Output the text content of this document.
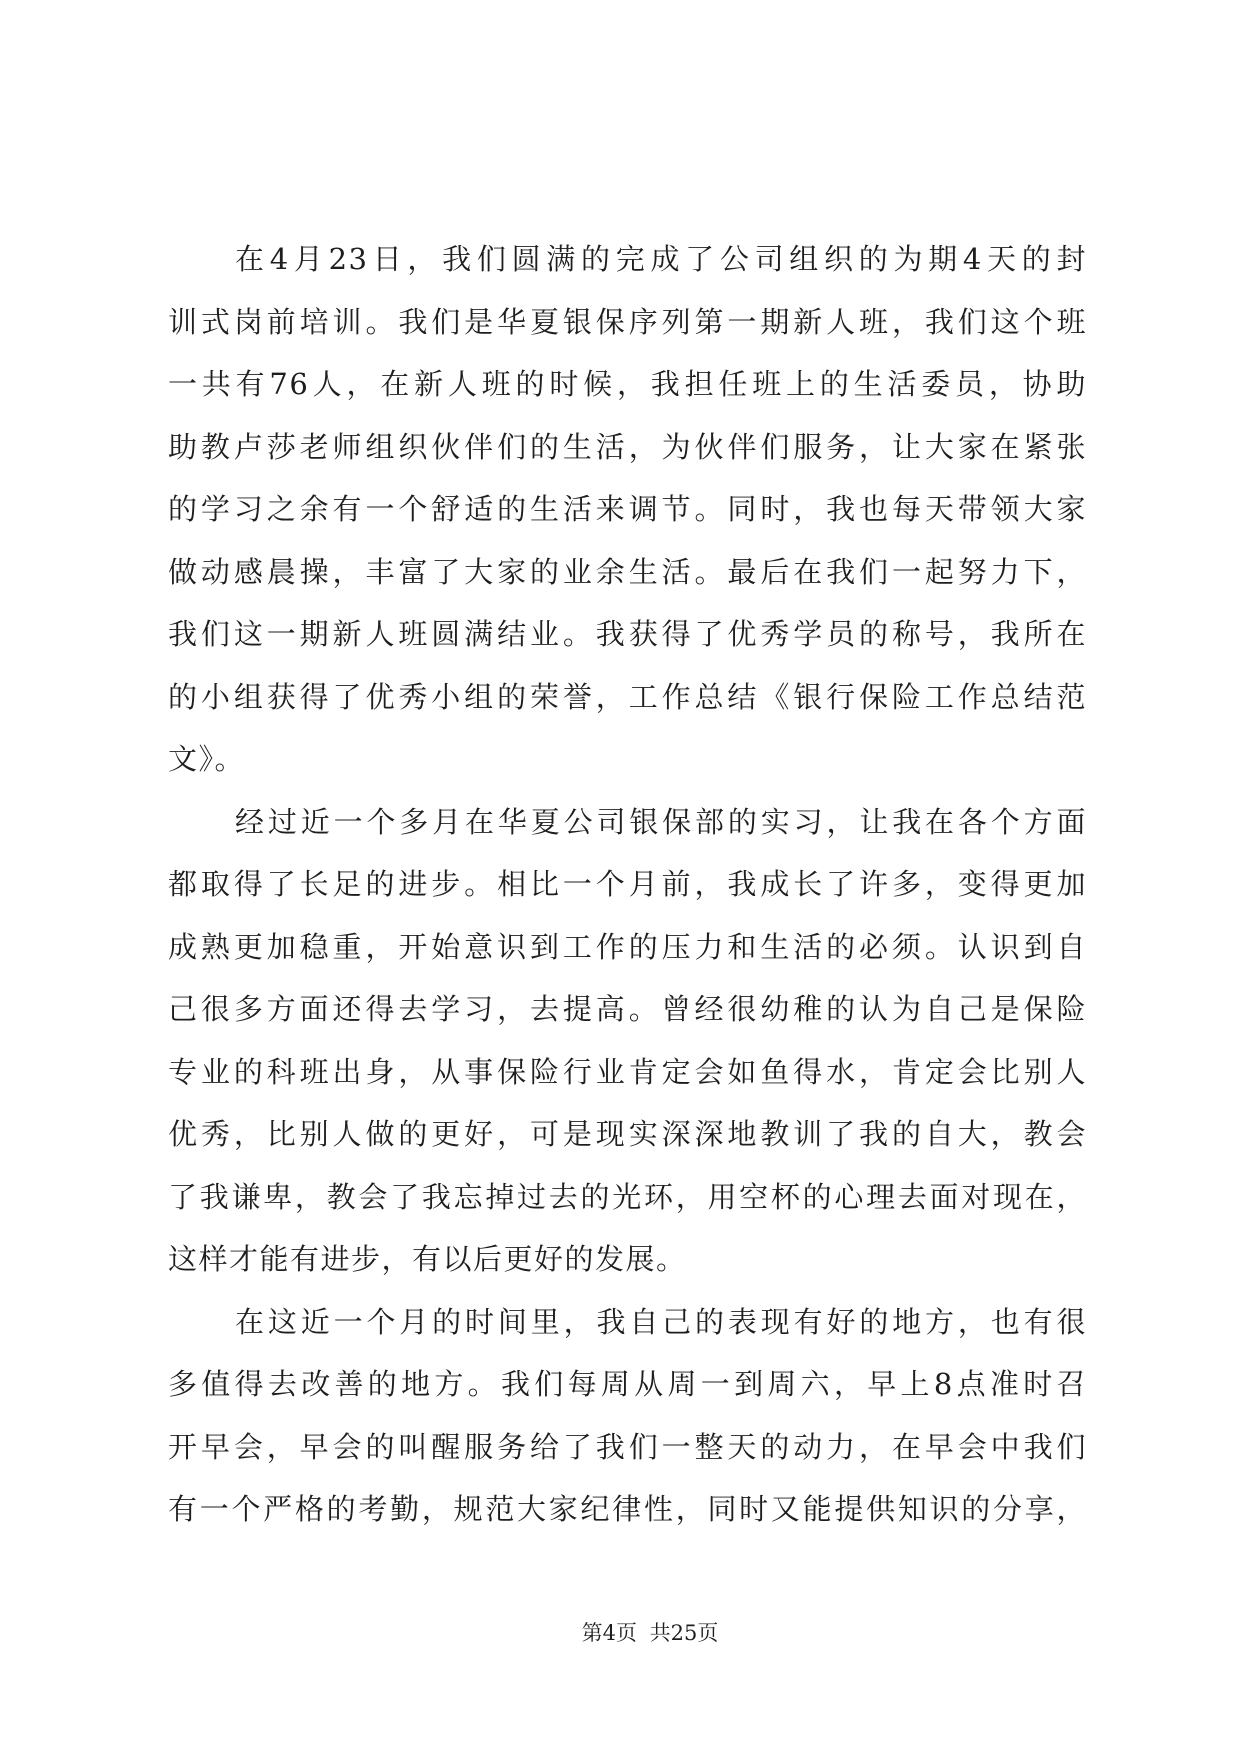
在4月23日，我们圆满的完成了公司组织的为期4天的封
训式岗前培训。我们是华夏银保序列第一期新人班，我们这个班
一共有76人，在新人班的时候，我担任班上的生活委员，协助
助教卢莎老师组织伙伴们的生活，为伙伴们服务，让大家在紧张
的学习之余有一个舒适的生活来调节。同时，我也每天带领大家
做动感晨操，丰富了大家的业余生活。最后在我们一起努力下，
我们这一期新人班圆满结业。我获得了优秀学员的称号，我所在
的小组获得了优秀小组的荣誉，工作总结《银行保险工作总结范
文》。
经过近一个多月在华夏公司银保部的实习，让我在各个方面
都取得了长足的进步。相比一个月前，我成长了许多，变得更加
成熟更加稳重，开始意识到工作的压力和生活的必须。认识到自
己很多方面还得去学习，去提高。曾经很幼稚的认为自己是保险
专业的科班出身，从事保险行业肯定会如鱼得水，肯定会比别人
优秀，比别人做的更好，可是现实深深地教训了我的自大，教会
了我谦卑，教会了我忘掉过去的光环，用空杯的心理去面对现在，
这样才能有进步，有以后更好的发展。
在这近一个月的时间里，我自己的表现有好的地方，也有很
多值得去改善的地方。我们每周从周一到周六，早上8点准时召
开早会，早会的叫醒服务给了我们一整天的动力，在早会中我们
有一个严格的考勤，规范大家纪律性，同时又能提供知识的分享，
第4页 共25页
